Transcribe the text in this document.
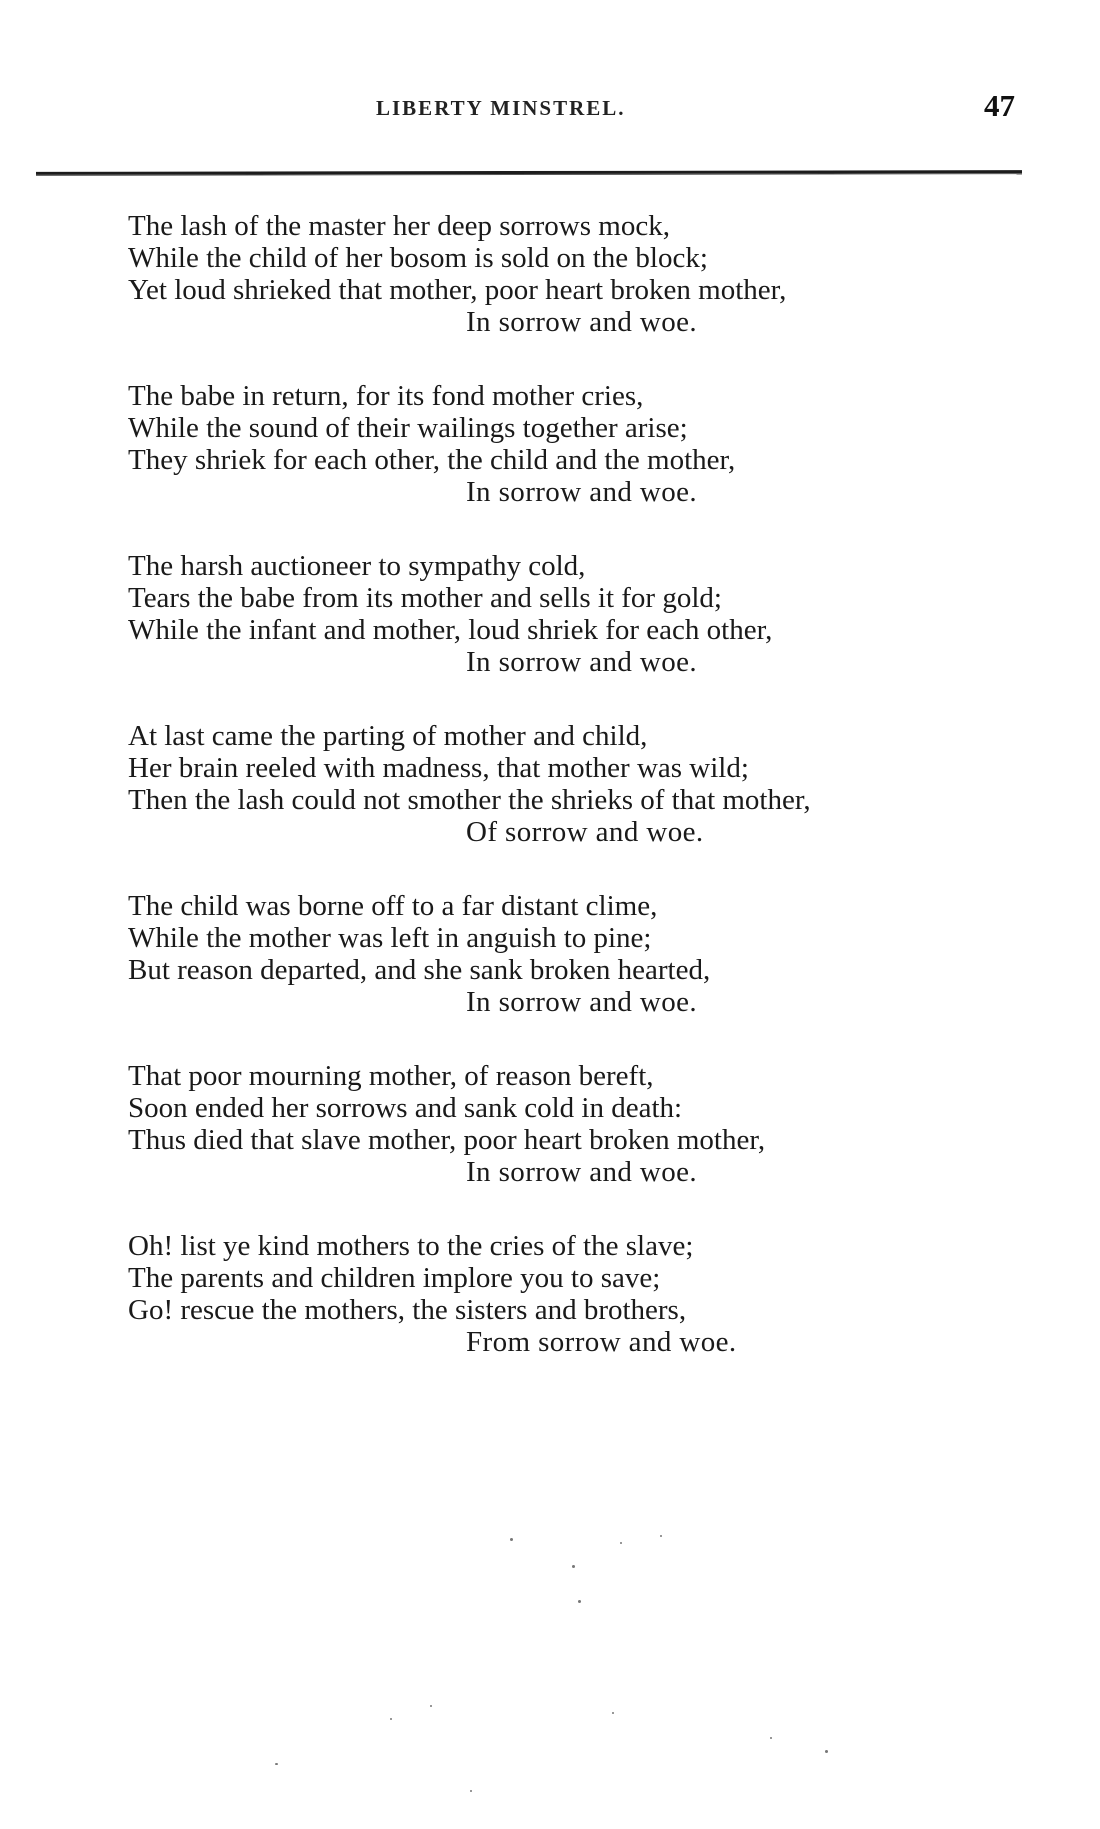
LIBERTY MINSTREL.	47
The lash of the master her deep sorrows mock,
While the child of her bosom is sold on the block;
Yet loud shrieked that mother, poor heart broken mother,
In sorrow and woe.
The babe in return, for its fond mother cries,
While the sound of their wailings together arise;
They shriek for each other, the child and the mother,
In sorrow and woe.
The harsh auctioneer to sympathy cold,
Tears the babe from its mother and sells it for gold;
While the infant and mother, loud shriek for each other,
In sorrow and woe.
At last came the parting of mother and child,
Her brain reeled with madness, that mother was wild;
Then the lash could not smother the shrieks of that mother,
Of sorrow and woe.
The child was borne off to a far distant clime,
While the mother was left in anguish to pine;
But reason departed, and she sank broken hearted,
In sorrow and woe.
That poor mourning mother, of reason bereft,
Soon ended her sorrows and sank cold in death:
Thus died that slave mother, poor heart broken mother,
In sorrow and woe.
Oh! list ye kind mothers to the cries of the slave;
The parents and children implore you to save;
Go! rescue the mothers, the sisters and brothers,
From sorrow and woe.
